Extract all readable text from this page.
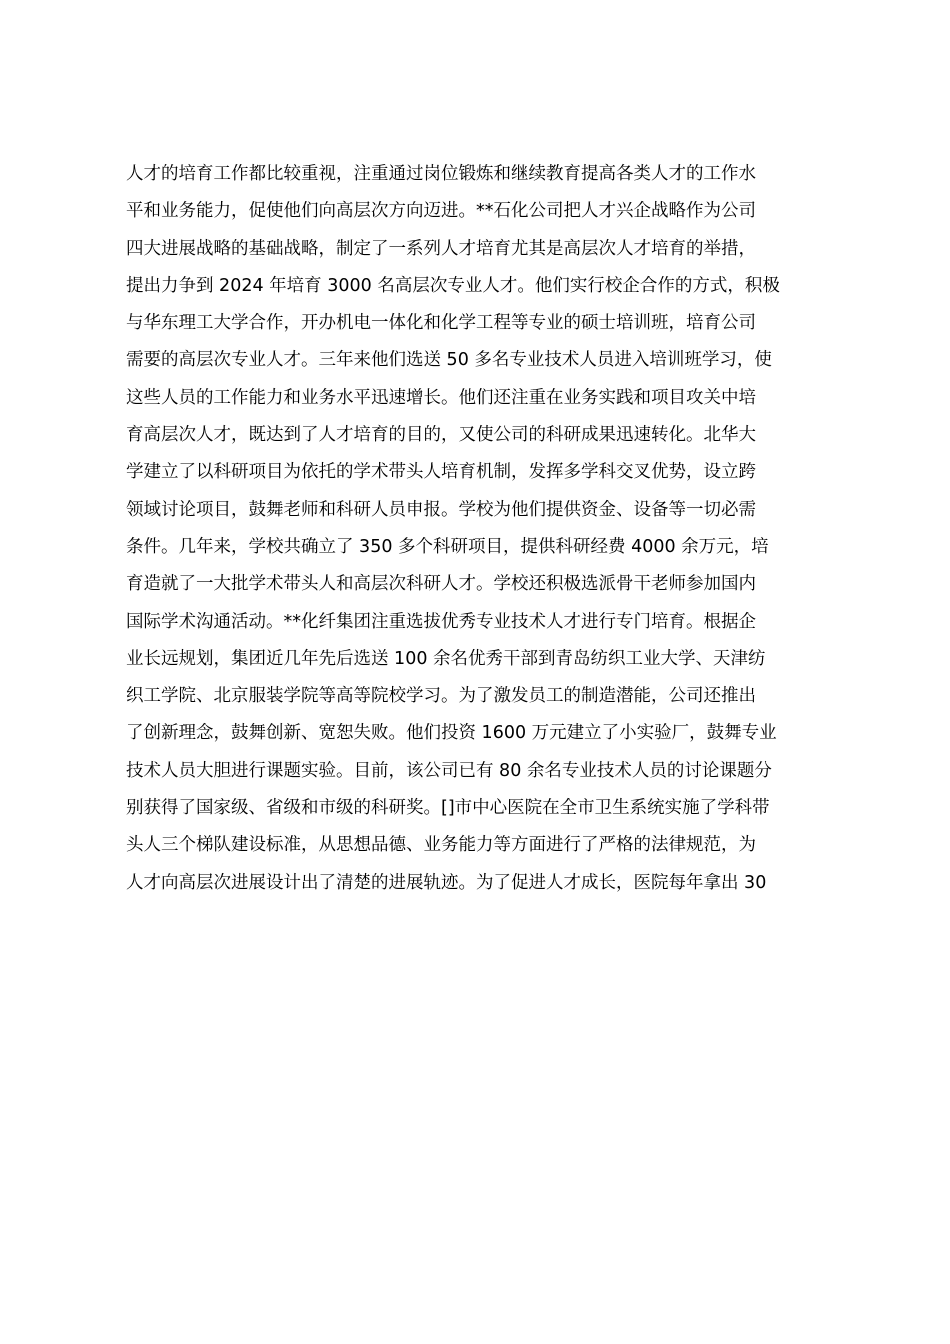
人才的培育工作都比较重视，注重通过岗位锻炼和继续教育提高各类人才的工作水
平和业务能力，促使他们向高层次方向迈进。**石化公司把人才兴企战略作为公司
四大进展战略的基础战略，制定了一系列人才培育尤其是高层次人才培育的举措，
提出力争到 2024 年培育 3000 名高层次专业人才。他们实行校企合作的方式，积极
与华东理工大学合作，开办机电一体化和化学工程等专业的硕士培训班，培育公司
需要的高层次专业人才。三年来他们选送 50 多名专业技术人员进入培训班学习，使
这些人员的工作能力和业务水平迅速增长。他们还注重在业务实践和项目攻关中培
育高层次人才，既达到了人才培育的目的，又使公司的科研成果迅速转化。北华大
学建立了以科研项目为依托的学术带头人培育机制，发挥多学科交叉优势，设立跨
领域讨论项目，鼓舞老师和科研人员申报。学校为他们提供资金、设备等一切必需
条件。几年来，学校共确立了 350 多个科研项目，提供科研经费 4000 余万元，培
育造就了一大批学术带头人和高层次科研人才。学校还积极选派骨干老师参加国内
国际学术沟通活动。**化纤集团注重选拔优秀专业技术人才进行专门培育。根据企
业长远规划，集团近几年先后选送 100 余名优秀干部到青岛纺织工业大学、天津纺
织工学院、北京服装学院等高等院校学习。为了激发员工的制造潜能，公司还推出
了创新理念，鼓舞创新、宽恕失败。他们投资 1600 万元建立了小实验厂，鼓舞专业
技术人员大胆进行课题实验。目前，该公司已有 80 余名专业技术人员的讨论课题分
别获得了国家级、省级和市级的科研奖。[]市中心医院在全市卫生系统实施了学科带
头人三个梯队建设标准，从思想品德、业务能力等方面进行了严格的法律规范，为
人才向高层次进展设计出了清楚的进展轨迹。为了促进人才成长，医院每年拿出 30
